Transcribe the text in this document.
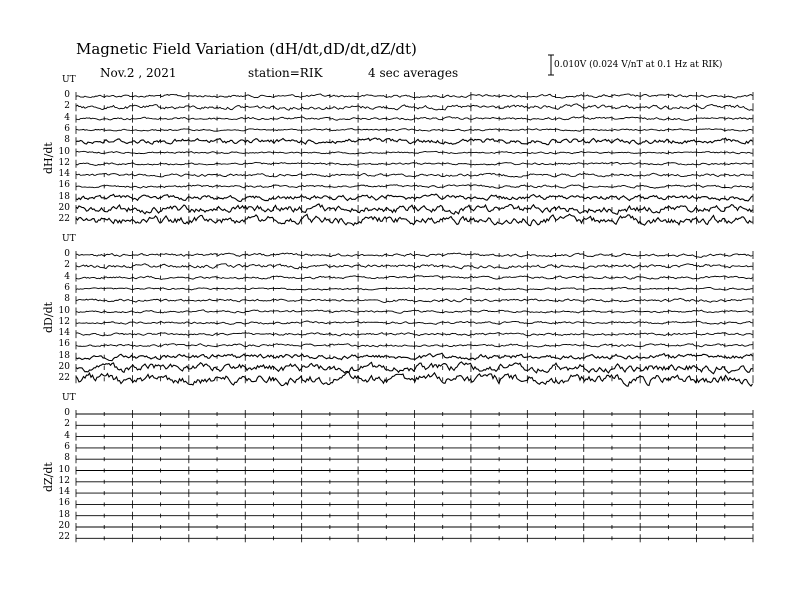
Magnetic Field Variation (dH/dt,dD/dt,dZ/dt)
Nov.2 , 2021	station=RIK	4 sec averages
0.010V (0.024 V/nT at 0.1 Hz at RIK)
UT
dH/dt
0
2
4
6
8
10
12
14
16
18
20
22
UT
dD/dt
0
2
4
6
8
10
12
14
16
18
20
22
UT
dZ/dt
0
2
4
6
8
10
12
14
16
18
20
22
